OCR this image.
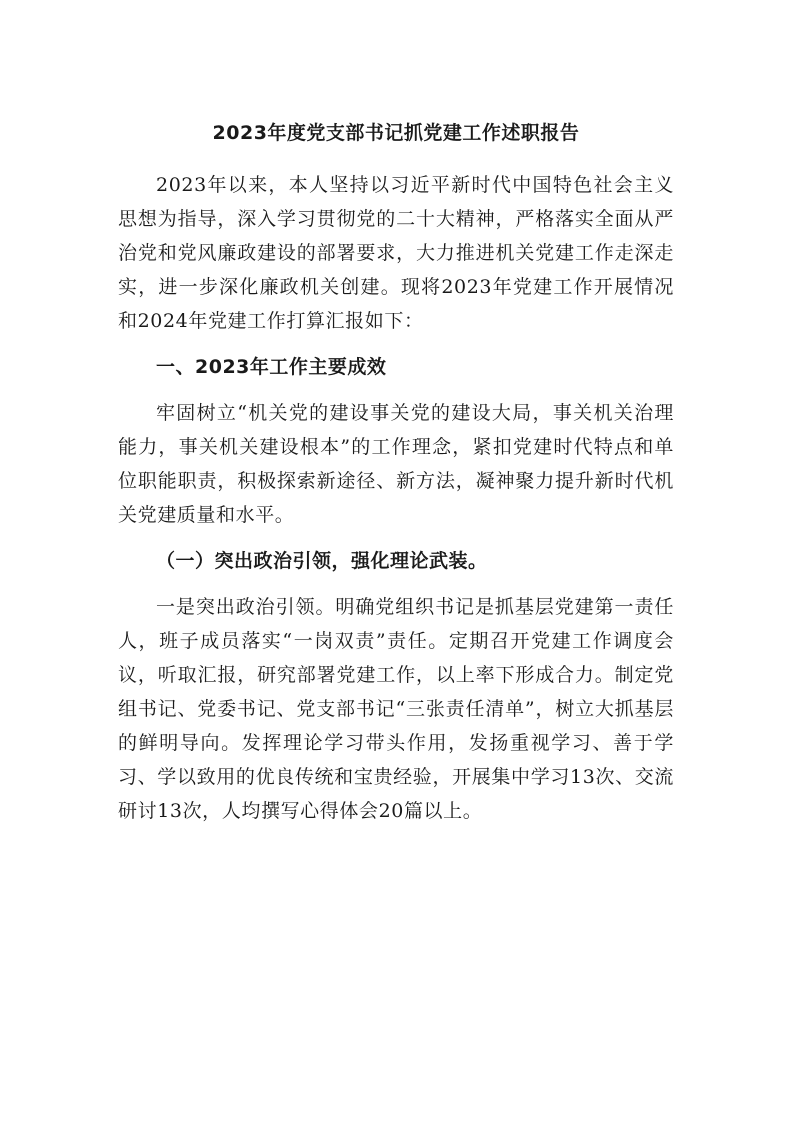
2023年度党支部书记抓党建工作述职报告

2023年以来，本人坚持以习近平新时代中国特色社会主义思想为指导，深入学习贯彻党的二十大精神，严格落实全面从严治党和党风廉政建设的部署要求，大力推进机关党建工作走深走实，进一步深化廉政机关创建。现将2023年党建工作开展情况和2024年党建工作打算汇报如下：

一、2023年工作主要成效

牢固树立“机关党的建设事关党的建设大局，事关机关治理能力，事关机关建设根本”的工作理念，紧扣党建时代特点和单位职能职责，积极探索新途径、新方法，凝神聚力提升新时代机关党建质量和水平。

（一）突出政治引领，强化理论武装。

一是突出政治引领。明确党组织书记是抓基层党建第一责任人，班子成员落实“一岗双责”责任。定期召开党建工作调度会议，听取汇报，研究部署党建工作，以上率下形成合力。制定党组书记、党委书记、党支部书记“三张责任清单”，树立大抓基层的鲜明导向。发挥理论学习带头作用，发扬重视学习、善于学习、学以致用的优良传统和宝贵经验，开展集中学习13次、交流研讨13次，人均撰写心得体会20篇以上。
